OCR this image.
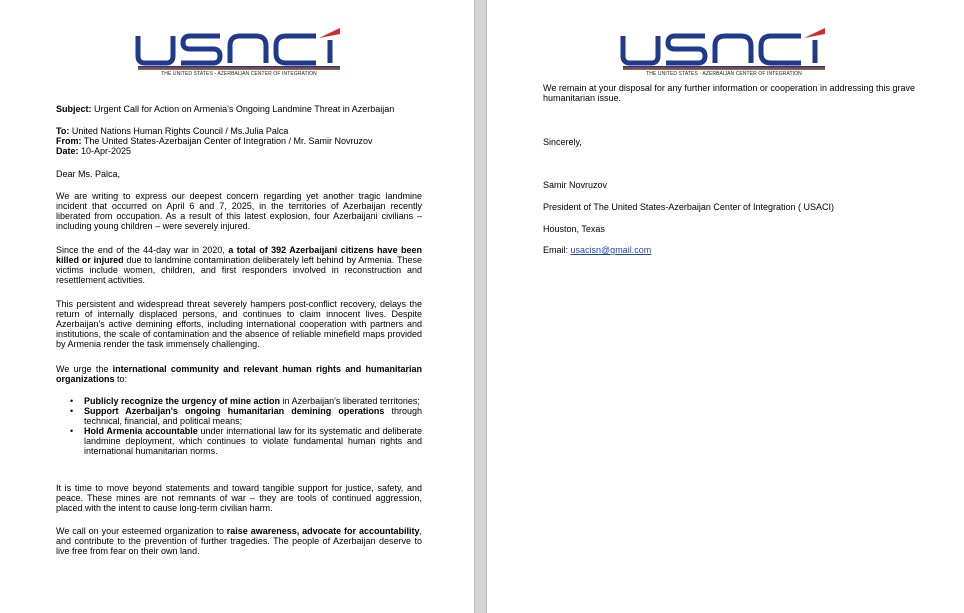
THE UNITED STATES - AZERBAIJAN CENTER OF INTEGRATION

Subject: Urgent Call for Action on Armenia's Ongoing Landmine Threat in Azerbaijan

To: United Nations Human Rights Council / Ms.Julia Palca

From: The United States-Azerbaijan Center of Integration / Mr. Samir Novruzov

Date: 10-Apr-2025

Dear Ms. Palca,

We are writing to express our deepest concern regarding yet another tragic landmine incident that occurred on April 6 and 7, 2025, in the territories of Azerbaijan recently liberated from occupation. As a result of this latest explosion, four Azerbaijani civilians – including young children – were severely injured.

Since the end of the 44-day war in 2020, a total of 392 Azerbaijani citizens have been killed or injured due to landmine contamination deliberately left behind by Armenia. These victims include women, children, and first responders involved in reconstruction and resettlement activities.

This persistent and widespread threat severely hampers post-conflict recovery, delays the return of internally displaced persons, and continues to claim innocent lives. Despite Azerbaijan's active demining efforts, including international cooperation with partners and institutions, the scale of contamination and the absence of reliable minefield maps provided by Armenia render the task immensely challenging.

We urge the international community and relevant human rights and humanitarian organizations to:

• Publicly recognize the urgency of mine action in Azerbaijan's liberated territories;
• Support Azerbaijan's ongoing humanitarian demining operations through technical, financial, and political means;
• Hold Armenia accountable under international law for its systematic and deliberate landmine deployment, which continues to violate fundamental human rights and international humanitarian norms.

It is time to move beyond statements and toward tangible support for justice, safety, and peace. These mines are not remnants of war – they are tools of continued aggression, placed with the intent to cause long-term civilian harm.

We call on your esteemed organization to raise awareness, advocate for accountability, and contribute to the prevention of further tragedies. The people of Azerbaijan deserve to live free from fear on their own land.

THE UNITED STATES - AZERBAIJAN CENTER OF INTEGRATION

We remain at your disposal for any further information or cooperation in addressing this grave humanitarian issue.

Sincerely,

Samir Novruzov

President of The United States-Azerbaijan Center of Integration ( USACI)

Houston, Texas

Email: usacisn@gmail.com
